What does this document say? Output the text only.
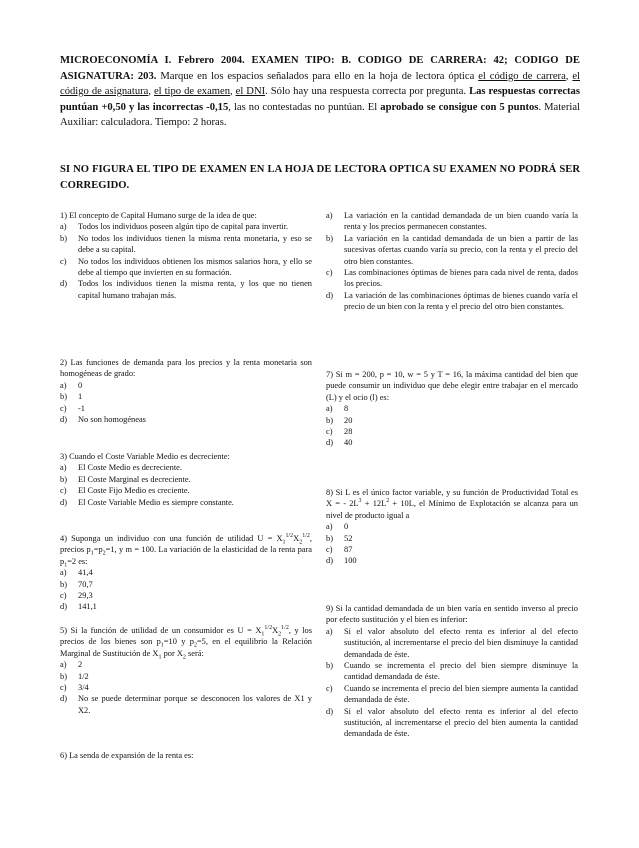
MICROECONOMÍA I. Febrero 2004. EXAMEN TIPO: B. CODIGO DE CARRERA: 42; CODIGO DE ASIGNATURA: 203. Marque en los espacios señalados para ello en la hoja de lectora óptica el código de carrera, el código de asignatura, el tipo de examen, el DNI. Sólo hay una respuesta correcta por pregunta. Las respuestas correctas puntúan +0,50 y las incorrectas -0,15, las no contestadas no puntúan. El aprobado se consigue con 5 puntos. Material Auxiliar: calculadora. Tiempo: 2 horas.
SI NO FIGURA EL TIPO DE EXAMEN EN LA HOJA DE LECTORA OPTICA SU EXAMEN NO PODRÁ SER CORREGIDO.

1) El concepto de Capital Humano surge de la idea de que:

a)	Todos los individuos poseen algún tipo de capital para invertir.
b)	No todos los individuos tienen la misma renta monetaria, y eso se debe a su capital.
c)	No todos los individuos obtienen los mismos salarios hora, y ello se debe al tiempo que invierten en su formación.
d)	Todos los individuos tienen la misma renta, y los que no tienen capital humano trabajan más.

2) Las funciones de demanda para los precios y la renta monetaria son homogéneas de grado:

a)	0
b)	1
c)	-1
d)	No son homogéneas

3) Cuando el Coste Variable Medio es decreciente:

a)	El Coste Medio es decreciente.
b)	El Coste Marginal es decreciente.
c)	El Coste Fijo Medio es creciente.
d)	El Coste Variable Medio es siempre constante.

4) Suponga un individuo con una función de utilidad $U = X_1^{1/2}X_2^{1/2}$, precios $p_1=p_2=1$, y m = 100. La variación de la elasticidad de la renta para $p_1=2$ es:

a)	41,4
b)	70,7
c)	29,3
d)	141,1

5) Si la función de utilidad de un consumidor es $U = X_1^{1/2}X_2^{1/2}$, y los precios de los bienes son $p_1=10$ y $p_2=5$, en el equilibrio la Relación Marginal de Sustitución de $X_1$ por $X_2$ será:

a)	2
b)	1/2
c)	3/4
d)	No se puede determinar porque se desconocen los valores de X1 y X2.

6) La senda de expansión de la renta es:

a)	La variación en la cantidad demandada de un bien cuando varía la renta y los precios permanecen constantes.
b)	La variación en la cantidad demandada de un bien a partir de las sucesivas ofertas cuando varía su precio, con la renta y el precio del otro bien constantes.
c)	Las combinaciones óptimas de bienes para cada nivel de renta, dados los precios.
d)	La variación de las combinaciones óptimas de bienes cuando varía el precio de un bien con la renta y el precio del otro bien constantes.

7) Si m = 200, p = 10, w = 5 y T = 16, la máxima cantidad del bien que puede consumir un individuo que debe elegir entre trabajar en el mercado (L) y el ocio (l) es:

a)	8
b)	20
c)	28
d)	40

8) Si L es el único factor variable, y su función de Productividad Total es X = - $2L^3 + 12L^2 + 10L$, el Mínimo de Explotación se alcanza para un nivel de producto igual a

a)	0
b)	52
c)	87
d)	100

9) Si la cantidad demandada de un bien varía en sentido inverso al precio por efecto sustitución y el bien es inferior:

a)	Si el valor absoluto del efecto renta es inferior al del efecto sustitución, al incrementarse el precio del bien disminuye la cantidad demandada de éste.
b)	Cuando se incrementa el precio del bien siempre disminuye la cantidad demandada de éste.
c)	Cuando se incrementa el precio del bien siempre aumenta la cantidad demandada de éste.
d)	Si el valor absoluto del efecto renta es inferior al del efecto sustitución, al incrementarse el precio del bien aumenta la cantidad demandada de éste.
